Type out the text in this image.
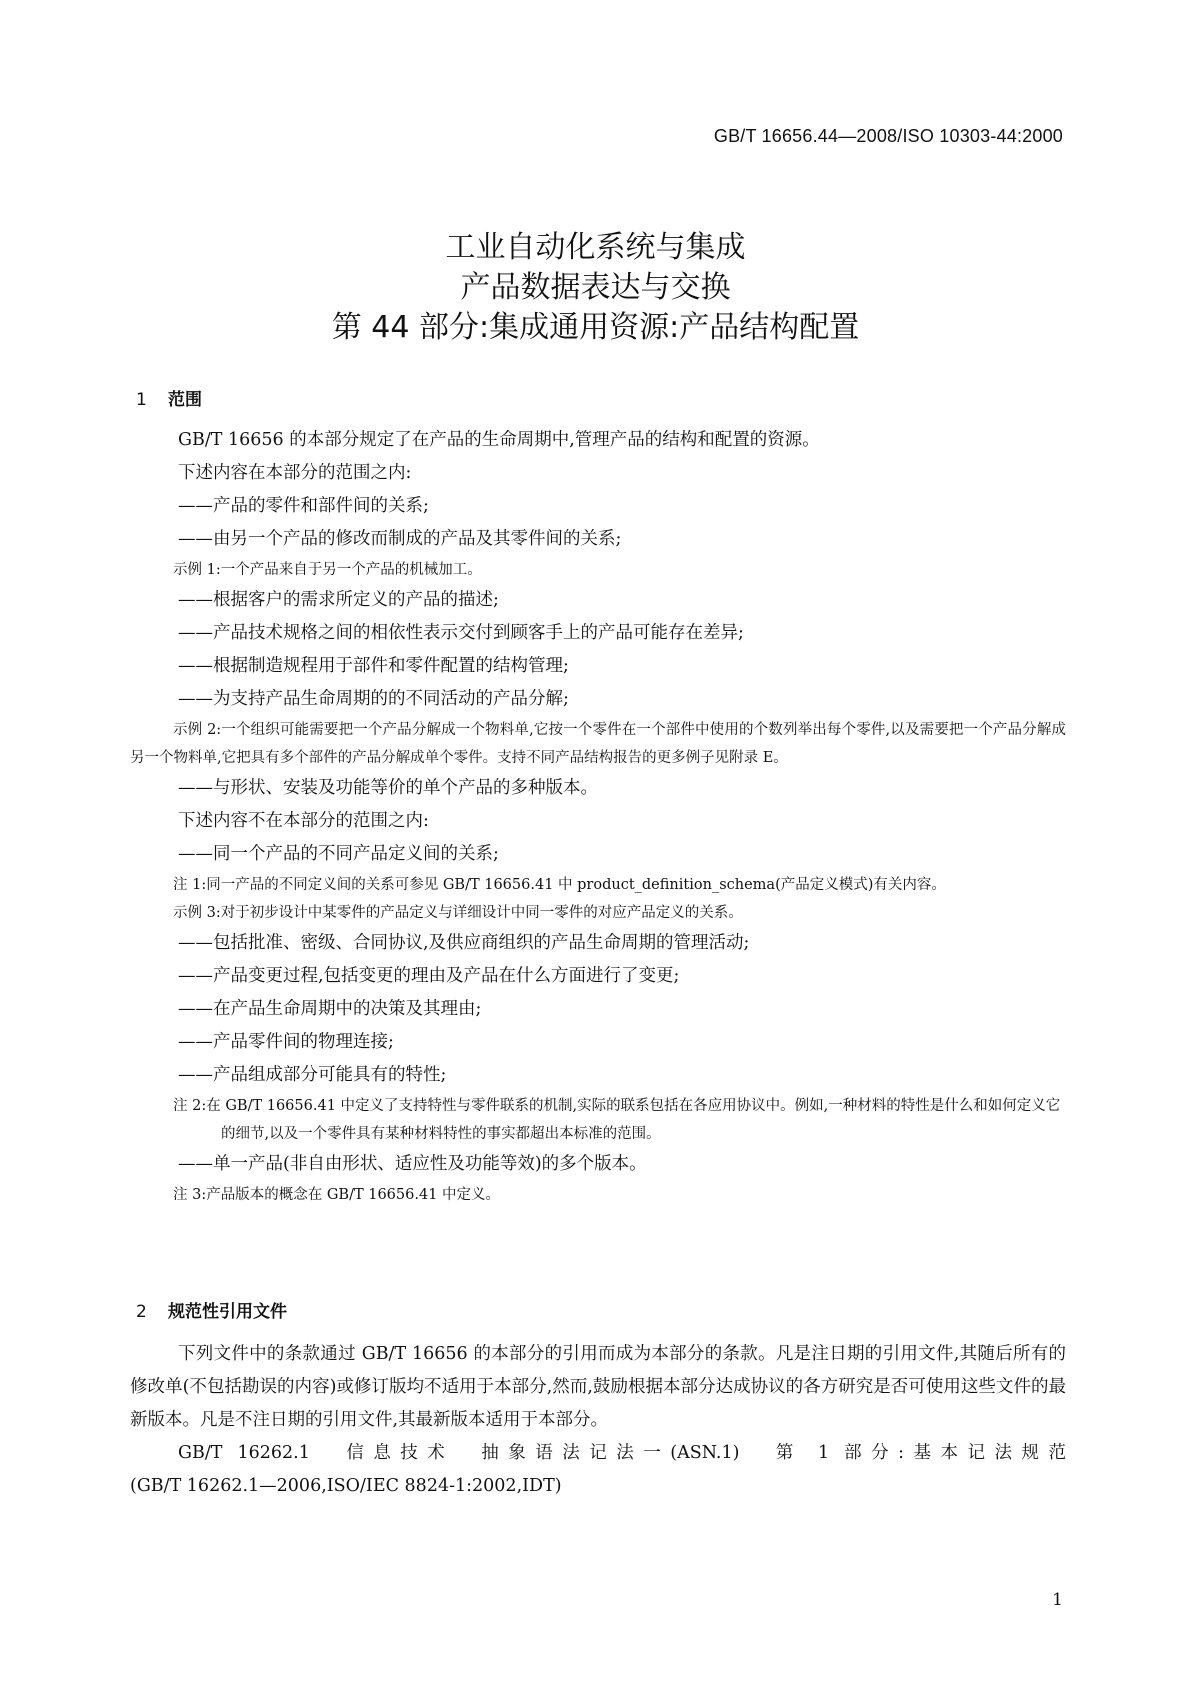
GB/T 16656.44—2008/ISO 10303-44:2000
工业自动化系统与集成
产品数据表达与交换
第 44 部分:集成通用资源:产品结构配置
1 范围

GB/T 16656 的本部分规定了在产品的生命周期中,管理产品的结构和配置的资源。

下述内容在本部分的范围之内:

——产品的零件和部件间的关系;

——由另一个产品的修改而制成的产品及其零件间的关系;

示例 1:一个产品来自于另一个产品的机械加工。

——根据客户的需求所定义的产品的描述;

——产品技术规格之间的相依性表示交付到顾客手上的产品可能存在差异;

——根据制造规程用于部件和零件配置的结构管理;

——为支持产品生命周期的的不同活动的产品分解;

示例 2:一个组织可能需要把一个产品分解成一个物料单,它按一个零件在一个部件中使用的个数列举出每个零件,以及需要把一个产品分解成另一个物料单,它把具有多个部件的产品分解成单个零件。支持不同产品结构报告的更多例子见附录 E。

——与形状、安装及功能等价的单个产品的多种版本。

下述内容不在本部分的范围之内:

——同一个产品的不同产品定义间的关系;

注 1:同一产品的不同定义间的关系可参见 GB/T 16656.41 中 product_definition_schema(产品定义模式)有关内容。

示例 3:对于初步设计中某零件的产品定义与详细设计中同一零件的对应产品定义的关系。

——包括批准、密级、合同协议,及供应商组织的产品生命周期的管理活动;

——产品变更过程,包括变更的理由及产品在什么方面进行了变更;

——在产品生命周期中的决策及其理由;

——产品零件间的物理连接;

——产品组成部分可能具有的特性;

注 2:在 GB/T 16656.41 中定义了支持特性与零件联系的机制,实际的联系包括在各应用协议中。例如,一种材料的特性是什么和如何定义它的细节,以及一个零件具有某种材料特性的事实都超出本标准的范围。

——单一产品(非自由形状、适应性及功能等效)的多个版本。

注 3:产品版本的概念在 GB/T 16656.41 中定义。

2 规范性引用文件

下列文件中的条款通过 GB/T 16656 的本部分的引用而成为本部分的条款。凡是注日期的引用文件,其随后所有的修改单(不包括勘误的内容)或修订版均不适用于本部分,然而,鼓励根据本部分达成协议的各方研究是否可使用这些文件的最新版本。凡是不注日期的引用文件,其最新版本适用于本部分。

GB/T 16262.1　信息技术　抽象语法记法一(ASN.1)　第 1 部分:基本记法规范

(GB/T 16262.1—2006,ISO/IEC 8824-1:2002,IDT)

1
